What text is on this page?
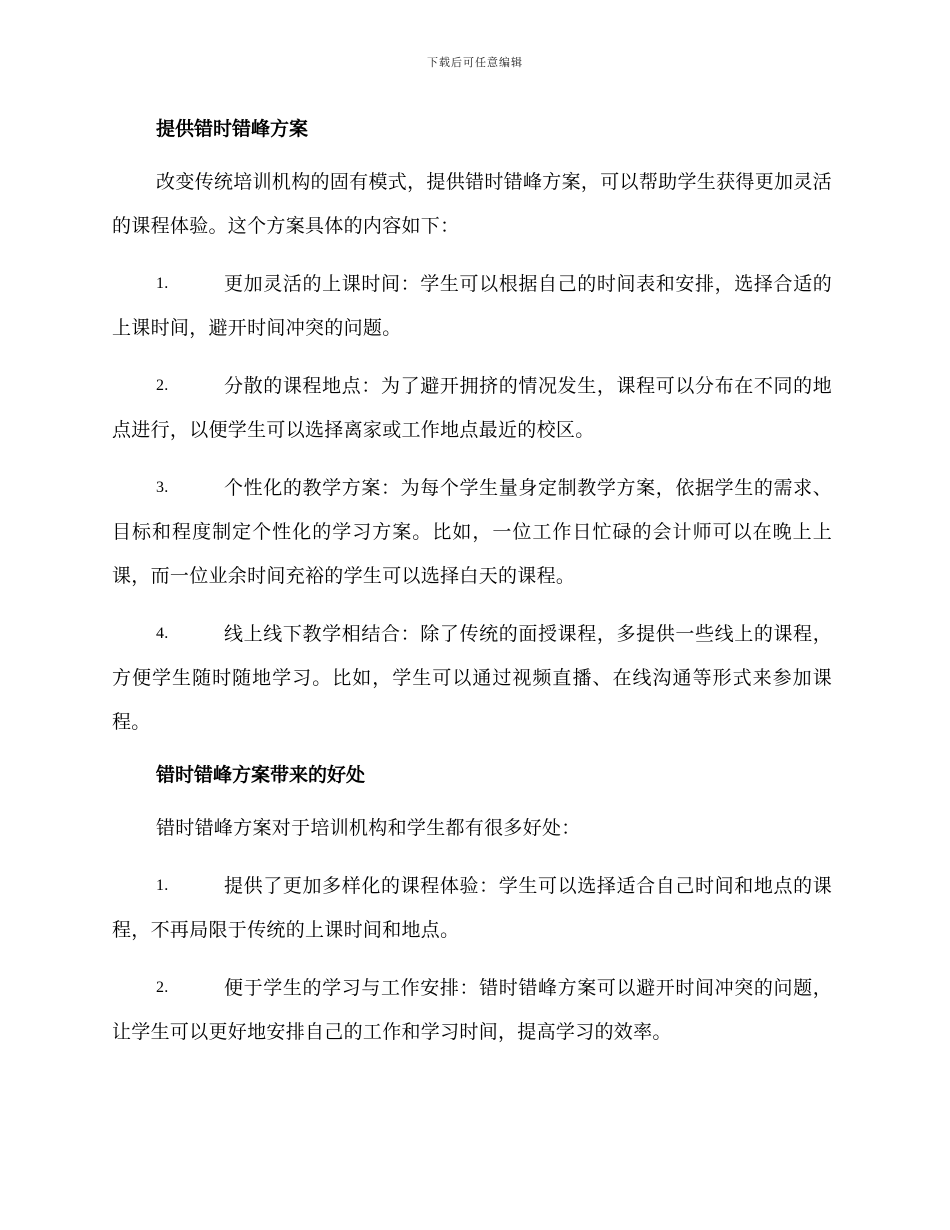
下载后可任意编辑
提供错时错峰方案

改变传统培训机构的固有模式，提供错时错峰方案，可以帮助学生获得更加灵活的课程体验。这个方案具体的内容如下：

1.	更加灵活的上课时间：学生可以根据自己的时间表和安排，选择合适的上课时间，避开时间冲突的问题。
2.	分散的课程地点：为了避开拥挤的情况发生，课程可以分布在不同的地点进行，以便学生可以选择离家或工作地点最近的校区。
3.	个性化的教学方案：为每个学生量身定制教学方案，依据学生的需求、目标和程度制定个性化的学习方案。比如，一位工作日忙碌的会计师可以在晚上上课，而一位业余时间充裕的学生可以选择白天的课程。
4.	线上线下教学相结合：除了传统的面授课程，多提供一些线上的课程，方便学生随时随地学习。比如，学生可以通过视频直播、在线沟通等形式来参加课程。
错时错峰方案带来的好处

错时错峰方案对于培训机构和学生都有很多好处：

1.	提供了更加多样化的课程体验：学生可以选择适合自己时间和地点的课程，不再局限于传统的上课时间和地点。
2.	便于学生的学习与工作安排：错时错峰方案可以避开时间冲突的问题，让学生可以更好地安排自己的工作和学习时间，提高学习的效率。
